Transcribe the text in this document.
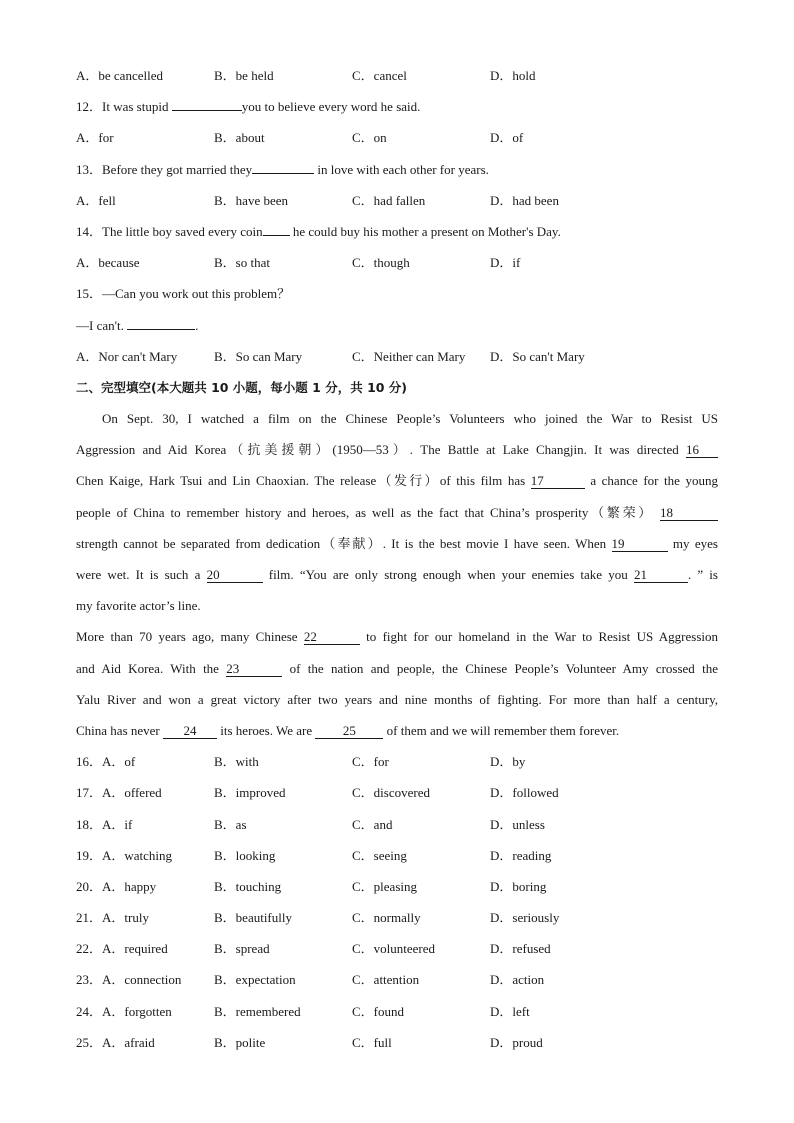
A．be cancelled	B．be held	C．cancel	D．hold
12．It was stupid	you to believe every word he said.
A．for	B．about	C．on	D．of
13．Before they got married they	in love with each other for years.
A．fell	B．have been	C．had fallen	D．had been
14．The little boy saved every coin he could buy his mother a present on Mother's Day.
A．because	B．so that	C．though	D．if
15．—Can you work out this problem？
—I can't.	.
A．Nor can't Mary	B．So can Mary	C．Neither can Mary D．So can't Mary
二、完型填空(本大题共 10 小题，每小题 1 分，共 10 分)
On Sept. 30, I watched a film on the Chinese People’s Volunteers who joined the War to Resist US
Aggression and Aid Korea（抗美援朝）(1950—53）. The Battle at Lake Changjin. It was directed 16
Chen Kaige, Hark Tsui and Lin Chaoxian. The release（发行）of this film has 17	a chance for the young
people of China to remember history and heroes, as well as the fact that China’s prosperity（繁荣） 18
strength cannot be separated from dedication（奉献）. It is the best movie I have seen. When 19	my eyes
were wet. It is such a 20	film. “You are only strong enough when your enemies take you 21	. ” is
my favorite actor’s line.
More than 70 years ago, many Chinese 22	to fight for our homeland in the War to Resist US Aggression
and Aid Korea. With the 23	of the nation and people, the Chinese People’s Volunteer Amy crossed the
Yalu River and won a great victory after two years and nine months of fighting. For more than half a century,
China has never 24 its heroes. We are 25 of them and we will remember them forever.
16．A．of	B．with	C．for	D．by
17．A．offered	B．improved	C．discovered	D．followed
18．A．if	B．as	C．and	D．unless
19．A．watching	B．looking	C．seeing	D．reading
20．A．happy	B．touching	C．pleasing	D．boring
21．A．truly	B．beautifully	C．normally	D．seriously
22．A．required	B．spread	C．volunteered	D．refused
23．A．connection	B．expectation	C．attention	D．action
24．A．forgotten	B．remembered	C．found	D．left
25．A．afraid	B．polite	C．full	D．proud
